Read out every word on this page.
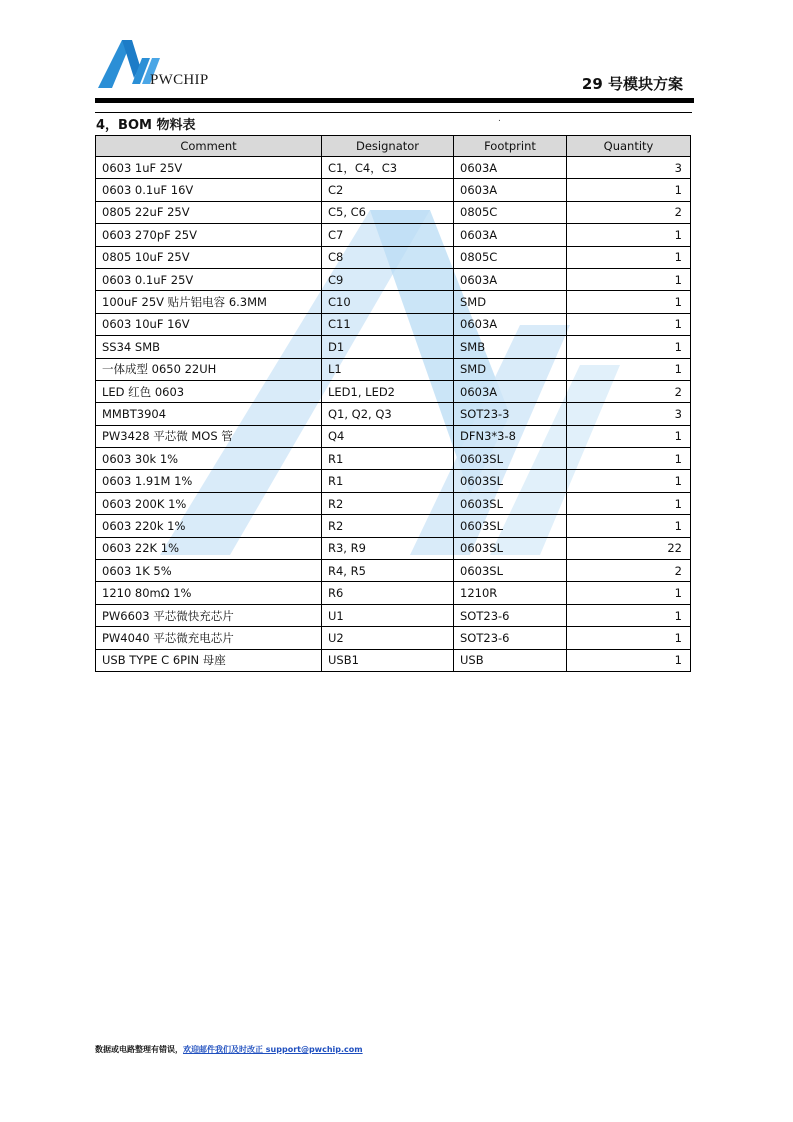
PWCHIP	29 号模块方案
4，BOM 物料表	.
Comment	Designator	Footprint	Quantity
0603 1uF 25V	C1，C4，C3	0603A	3
0603 0.1uF 16V	C2	0603A	1
0805 22uF 25V	C5, C6	0805C	2
0603 270pF 25V	C7	0603A	1
0805 10uF 25V	C8	0805C	1
0603 0.1uF 25V	C9	0603A	1
100uF 25V 贴片铝电容 6.3MM	C10	SMD	1
0603 10uF 16V	C11	0603A	1
SS34 SMB	D1	SMB	1
一体成型 0650 22UH	L1	SMD	1
LED 红色 0603	LED1, LED2	0603A	2
MMBT3904	Q1, Q2, Q3	SOT23-3	3
PW3428 平芯微 MOS 管	Q4	DFN3*3-8	1
0603 30k 1%	R1	0603SL	1
0603 1.91M 1%	R1	0603SL	1
0603 200K 1%	R2	0603SL	1
0603 220k 1%	R2	0603SL	1
0603 22K 1%	R3, R9	0603SL	22
0603 1K 5%	R4, R5	0603SL	2
1210 80mΩ 1%	R6	1210R	1
PW6603 平芯微快充芯片	U1	SOT23-6	1
PW4040 平芯微充电芯片	U2	SOT23-6	1
USB TYPE C 6PIN 母座	USB1	USB	1
数据或电路整理有错误，欢迎邮件我们及时改正 support@pwchip.com
